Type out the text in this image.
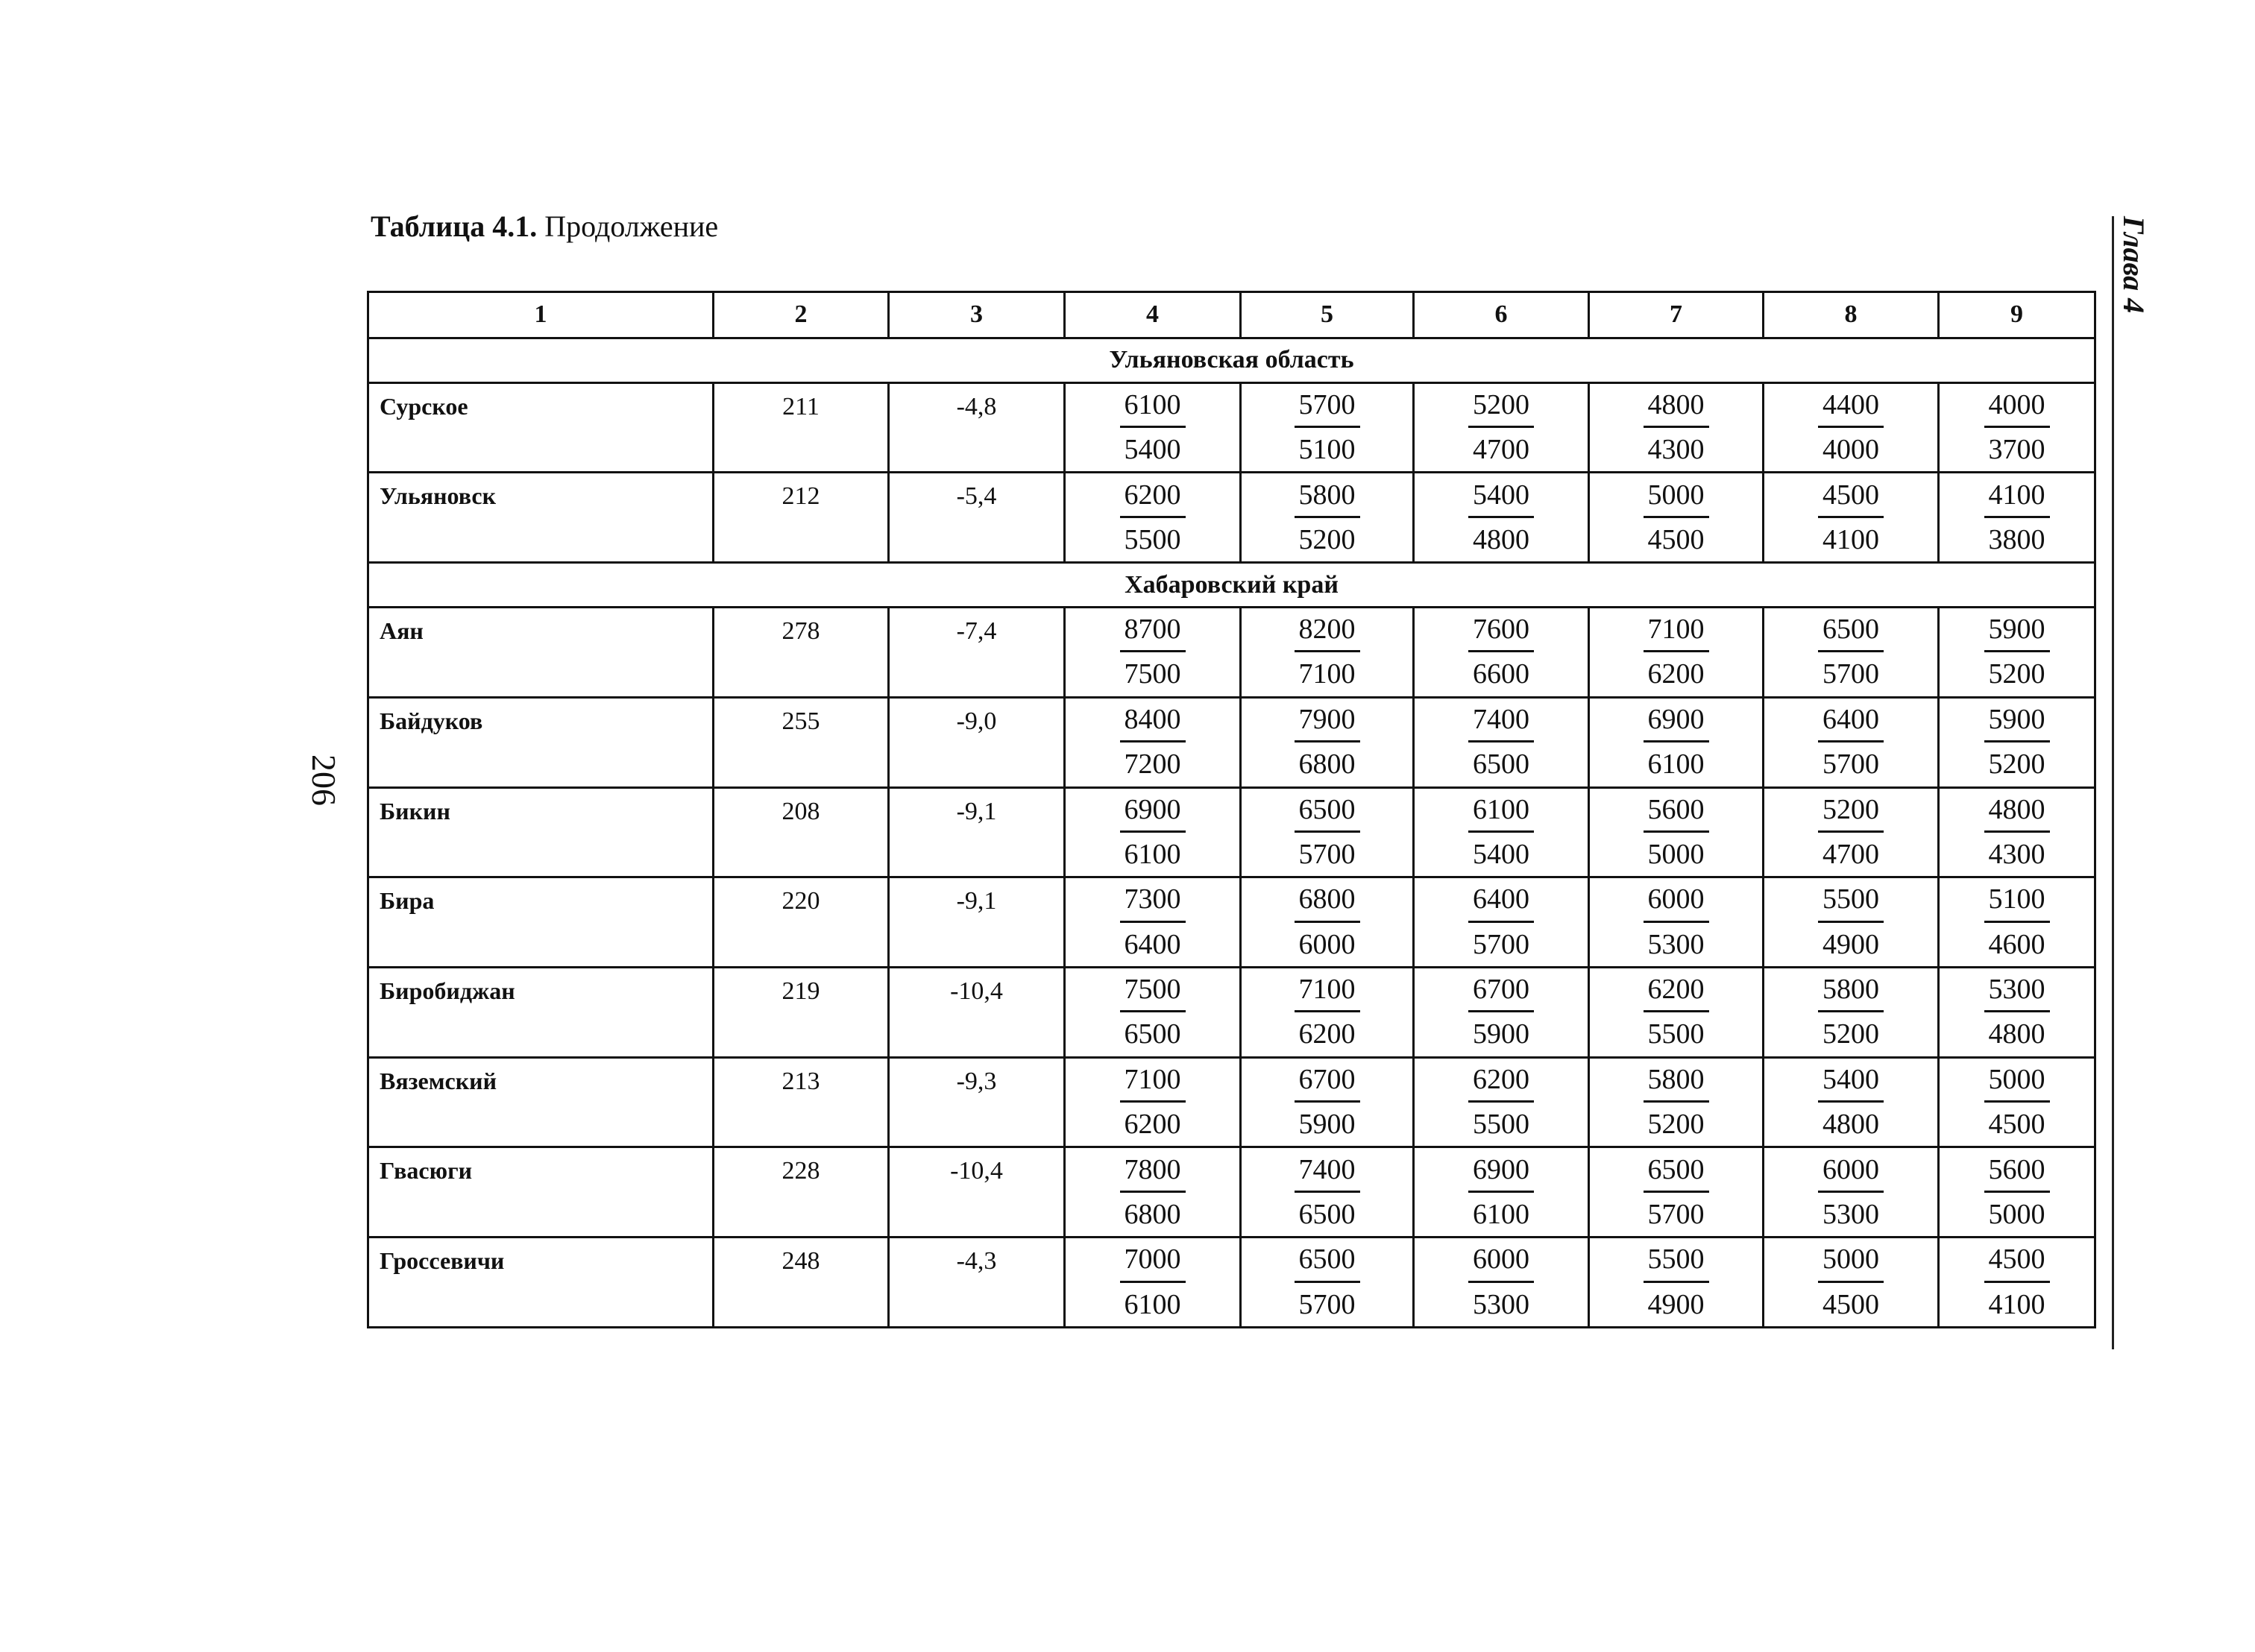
206
Глава 4
Таблица 4.1. Продолжение
1	2	3	4	5	6	7	8	9
Ульяновская область								
Сурское	211	-4,8	$\frac{6100}{5400}$	$\frac{5700}{5100}$	$\frac{5200}{4700}$	$\frac{4800}{4300}$	$\frac{4400}{4000}$	$\frac{4000}{3700}$

Ульяновск	212	-5,4	$\frac{6200}{5500}$	$\frac{5800}{5200}$	$\frac{5400}{4800}$	$\frac{5000}{4500}$	$\frac{4500}{4100}$	$\frac{4100}{3800}$

Хабаровский край								
Аян	278	-7,4	$\frac{8700}{7500}$	$\frac{8200}{7100}$	$\frac{7600}{6600}$	$\frac{7100}{6200}$	$\frac{6500}{5700}$	$\frac{5900}{5200}$

Байдуков	255	-9,0	$\frac{8400}{7200}$	$\frac{7900}{6800}$	$\frac{7400}{6500}$	$\frac{6900}{6100}$	$\frac{6400}{5700}$	$\frac{5900}{5200}$

Бикин	208	-9,1	$\frac{6900}{6100}$	$\frac{6500}{5700}$	$\frac{6100}{5400}$	$\frac{5600}{5000}$	$\frac{5200}{4700}$	$\frac{4800}{4300}$

Бира	220	-9,1	$\frac{7300}{6400}$	$\frac{6800}{6000}$	$\frac{6400}{5700}$	$\frac{6000}{5300}$	$\frac{5500}{4900}$	$\frac{5100}{4600}$

Биробиджан	219	-10,4	$\frac{7500}{6500}$	$\frac{7100}{6200}$	$\frac{6700}{5900}$	$\frac{6200}{5500}$	$\frac{5800}{5200}$	$\frac{5300}{4800}$

Вяземский	213	-9,3	$\frac{7100}{6200}$	$\frac{6700}{5900}$	$\frac{6200}{5500}$	$\frac{5800}{5200}$	$\frac{5400}{4800}$	$\frac{5000}{4500}$

Гвасюги	228	-10,4	$\frac{7800}{6800}$	$\frac{7400}{6500}$	$\frac{6900}{6100}$	$\frac{6500}{5700}$	$\frac{6000}{5300}$	$\frac{5600}{5000}$

Гроссевичи	248	-4,3	$\frac{7000}{6100}$	$\frac{6500}{5700}$	$\frac{6000}{5300}$	$\frac{5500}{4900}$	$\frac{5000}{4500}$	$\frac{4500}{4100}$
